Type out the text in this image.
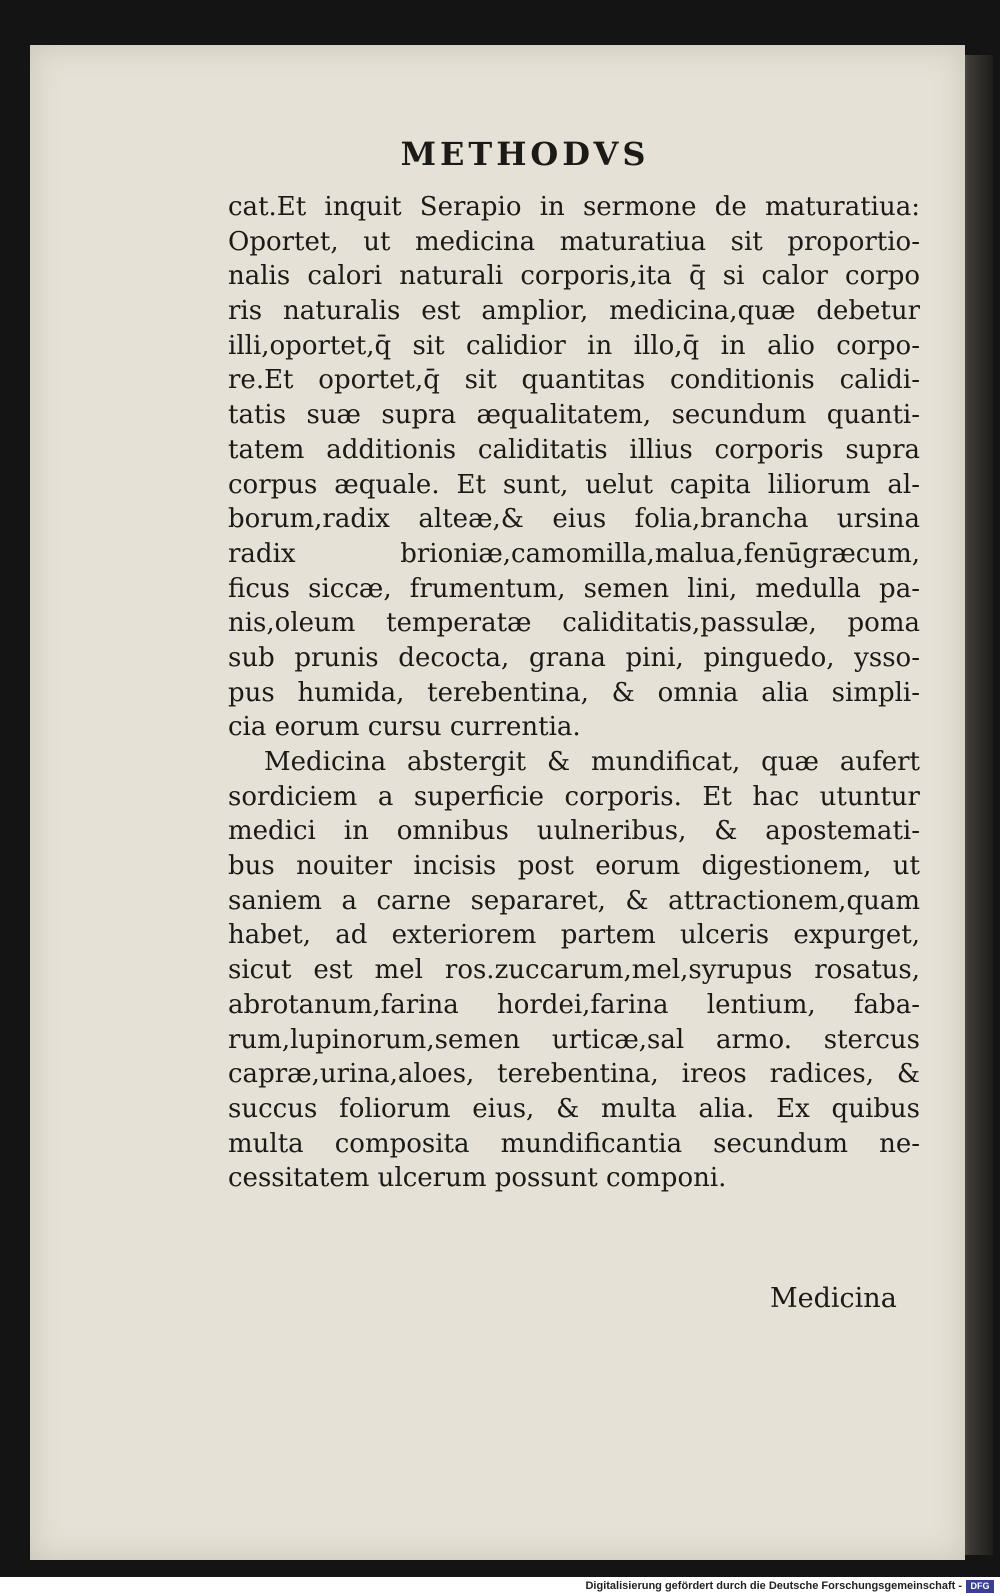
METHODVS
cat.Et inquit Serapio in sermone de maturatiua:
Oportet, ut medicina maturatiua sit proportio-
nalis calori naturali corporis,ita q̄ si calor corpo
ris naturalis est amplior, medicina,quæ debetur
illi,oportet,q̄ sit calidior in illo,q̄ in alio corpo-
re.Et oportet,q̄ sit quantitas conditionis calidi-
tatis suæ supra æqualitatem, secundum quanti-
tatem additionis caliditatis illius corporis supra
corpus æquale. Et sunt, uelut capita liliorum al-
borum,radix alteæ,& eius folia,brancha ursina
radix brioniæ,camomilla,malua,fenūgræcum,
ficus siccæ, frumentum, semen lini, medulla pa-
nis,oleum temperatæ caliditatis,passulæ, poma
sub prunis decocta, grana pini, pinguedo, ysso-
pus humida, terebentina, & omnia alia simpli-
cia eorum cursu currentia.
Medicina abstergit & mundificat, quæ aufert
sordiciem a superficie corporis. Et hac utuntur
medici in omnibus uulneribus, & apostemati-
bus nouiter incisis post eorum digestionem, ut
saniem a carne separaret, & attractionem,quam
habet, ad exteriorem partem ulceris expurget,
sicut est mel ros.zuccarum,mel,syrupus rosatus,
abrotanum,farina hordei,farina lentium, faba-
rum,lupinorum,semen urticæ,sal armo. stercus
capræ,urina,aloes, terebentina, ireos radices, &
succus foliorum eius, & multa alia. Ex quibus
multa composita mundificantia secundum ne-
cessitatem ulcerum possunt componi.
Medicina
Digitalisierung gefördert durch die Deutsche Forschungsgemeinschaft - DFG
